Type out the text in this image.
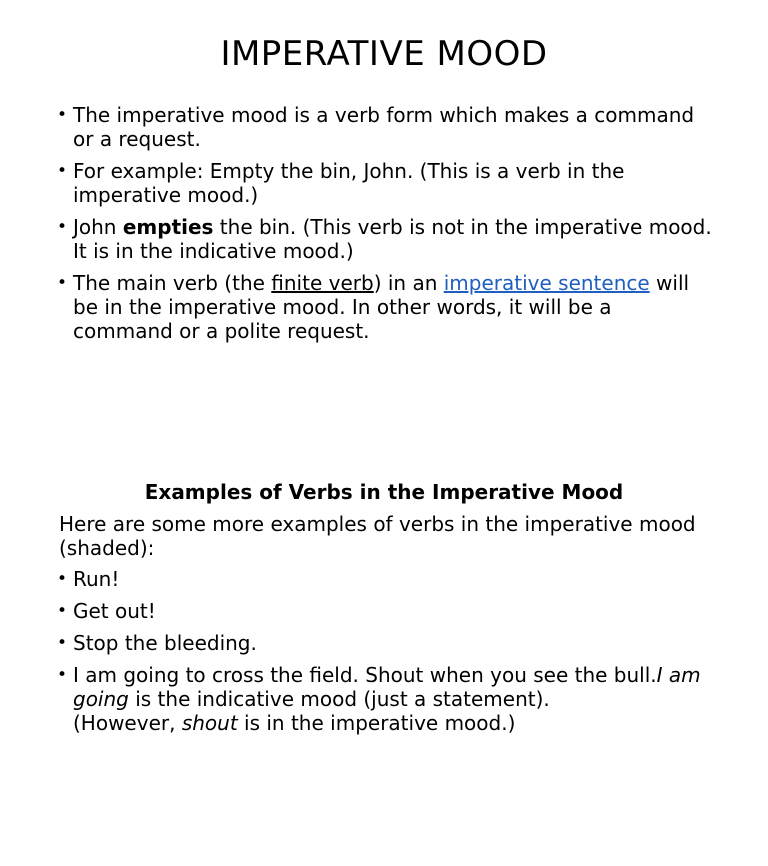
IMPERATIVE MOOD
• The imperative mood is a verb form which makes a command or a request.
• For example: Empty the bin, John. (This is a verb in the imperative mood.)
• John empties the bin. (This verb is not in the imperative mood. It is in the indicative mood.)
• The main verb (the finite verb) in an imperative sentence will be in the imperative mood. In other words, it will be a command or a polite request.
Examples of Verbs in the Imperative Mood

Here are some more examples of verbs in the imperative mood (shaded):

• Run!
• Get out!
• Stop the bleeding.
• I am going to cross the field. Shout when you see the bull.I am going is the indicative mood (just a statement).
(However, shout is in the imperative mood.)
